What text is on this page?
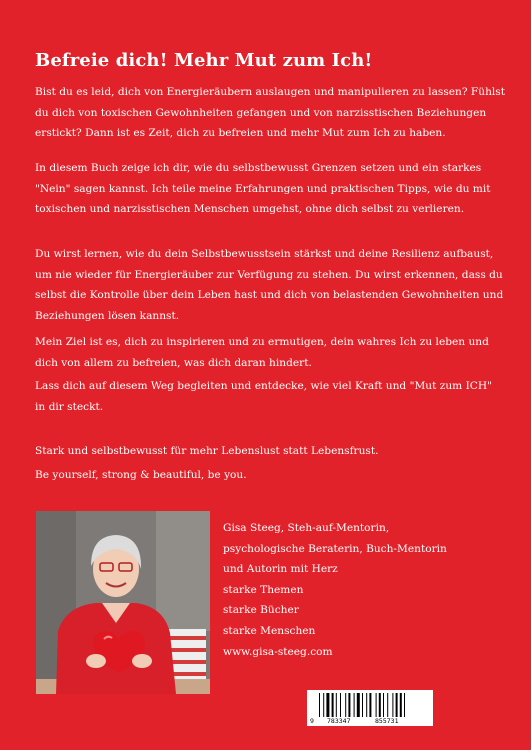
Befreie dich! Mehr Mut zum Ich!

Bist du es leid, dich von Energieräubern auslaugen und manipulieren zu lassen? Fühlst du dich von toxischen Gewohnheiten gefangen und von narzisstischen Beziehungen erstickt? Dann ist es Zeit, dich zu befreien und mehr Mut zum Ich zu haben.

In diesem Buch zeige ich dir, wie du selbstbewusst Grenzen setzen und ein starkes "Nein" sagen kannst. Ich teile meine Erfahrungen und praktischen Tipps, wie du mit toxischen und narzisstischen Menschen umgehst, ohne dich selbst zu verlieren.

Du wirst lernen, wie du dein Selbstbewusstsein stärkst und deine Resilienz aufbaust, um nie wieder für Energieräuber zur Verfügung zu stehen. Du wirst erkennen, dass du selbst die Kontrolle über dein Leben hast und dich von belastenden Gewohnheiten und Beziehungen lösen kannst.

Mein Ziel ist es, dich zu inspirieren und zu ermutigen, dein wahres Ich zu leben und dich von allem zu befreien, was dich daran hindert.

Lass dich auf diesem Weg begleiten und entdecke, wie viel Kraft und "Mut zum ICH" in dir steckt.

Stark und selbstbewusst für mehr Lebenslust statt Lebensfrust.

Be yourself, strong & beautiful, be you.

Gisa Steeg, Steh-auf-Mentorin,
psychologische Beraterin, Buch-Mentorin
und Autorin mit Herz
starke Themen
starke Bücher
starke Menschen
www.gisa-steeg.com
9 783347	855731
